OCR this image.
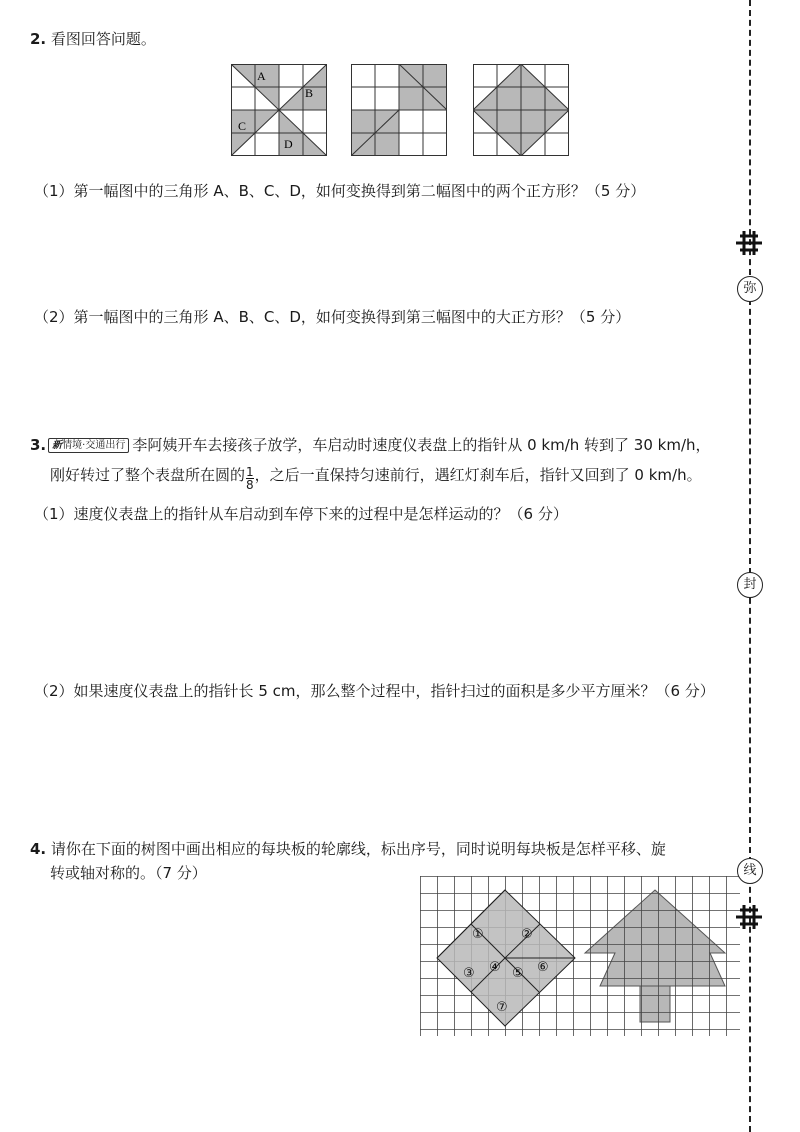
2. 看图回答问题。
A
B
C
D
（1）第一幅图中的三角形 A、B、C、D，如何变换得到第二幅图中的两个正方形？（5 分）
（2）第一幅图中的三角形 A、B、C、D，如何变换得到第三幅图中的大正方形？（5 分）
3. 新情境·交通出行 李阿姨开车去接孩子放学，车启动时速度仪表盘上的指针从 0 km/h 转到了 30 km/h，
刚好转过了整个表盘所在圆的 $\frac{1}{8}$ ，之后一直保持匀速前行，遇红灯刹车后，指针又回到了 0 km/h。
（1）速度仪表盘上的指针从车启动到车停下来的过程中是怎样运动的？（6 分）
（2）如果速度仪表盘上的指针长 5 cm，那么整个过程中，指针扫过的面积是多少平方厘米？（6 分）
4. 请你在下面的树图中画出相应的每块板的轮廓线，标出序号，同时说明每块板是怎样平移、旋
转或轴对称的。（7 分）
①	②
③ ④ ⑤ ⑥
⑦
弥
封
线
